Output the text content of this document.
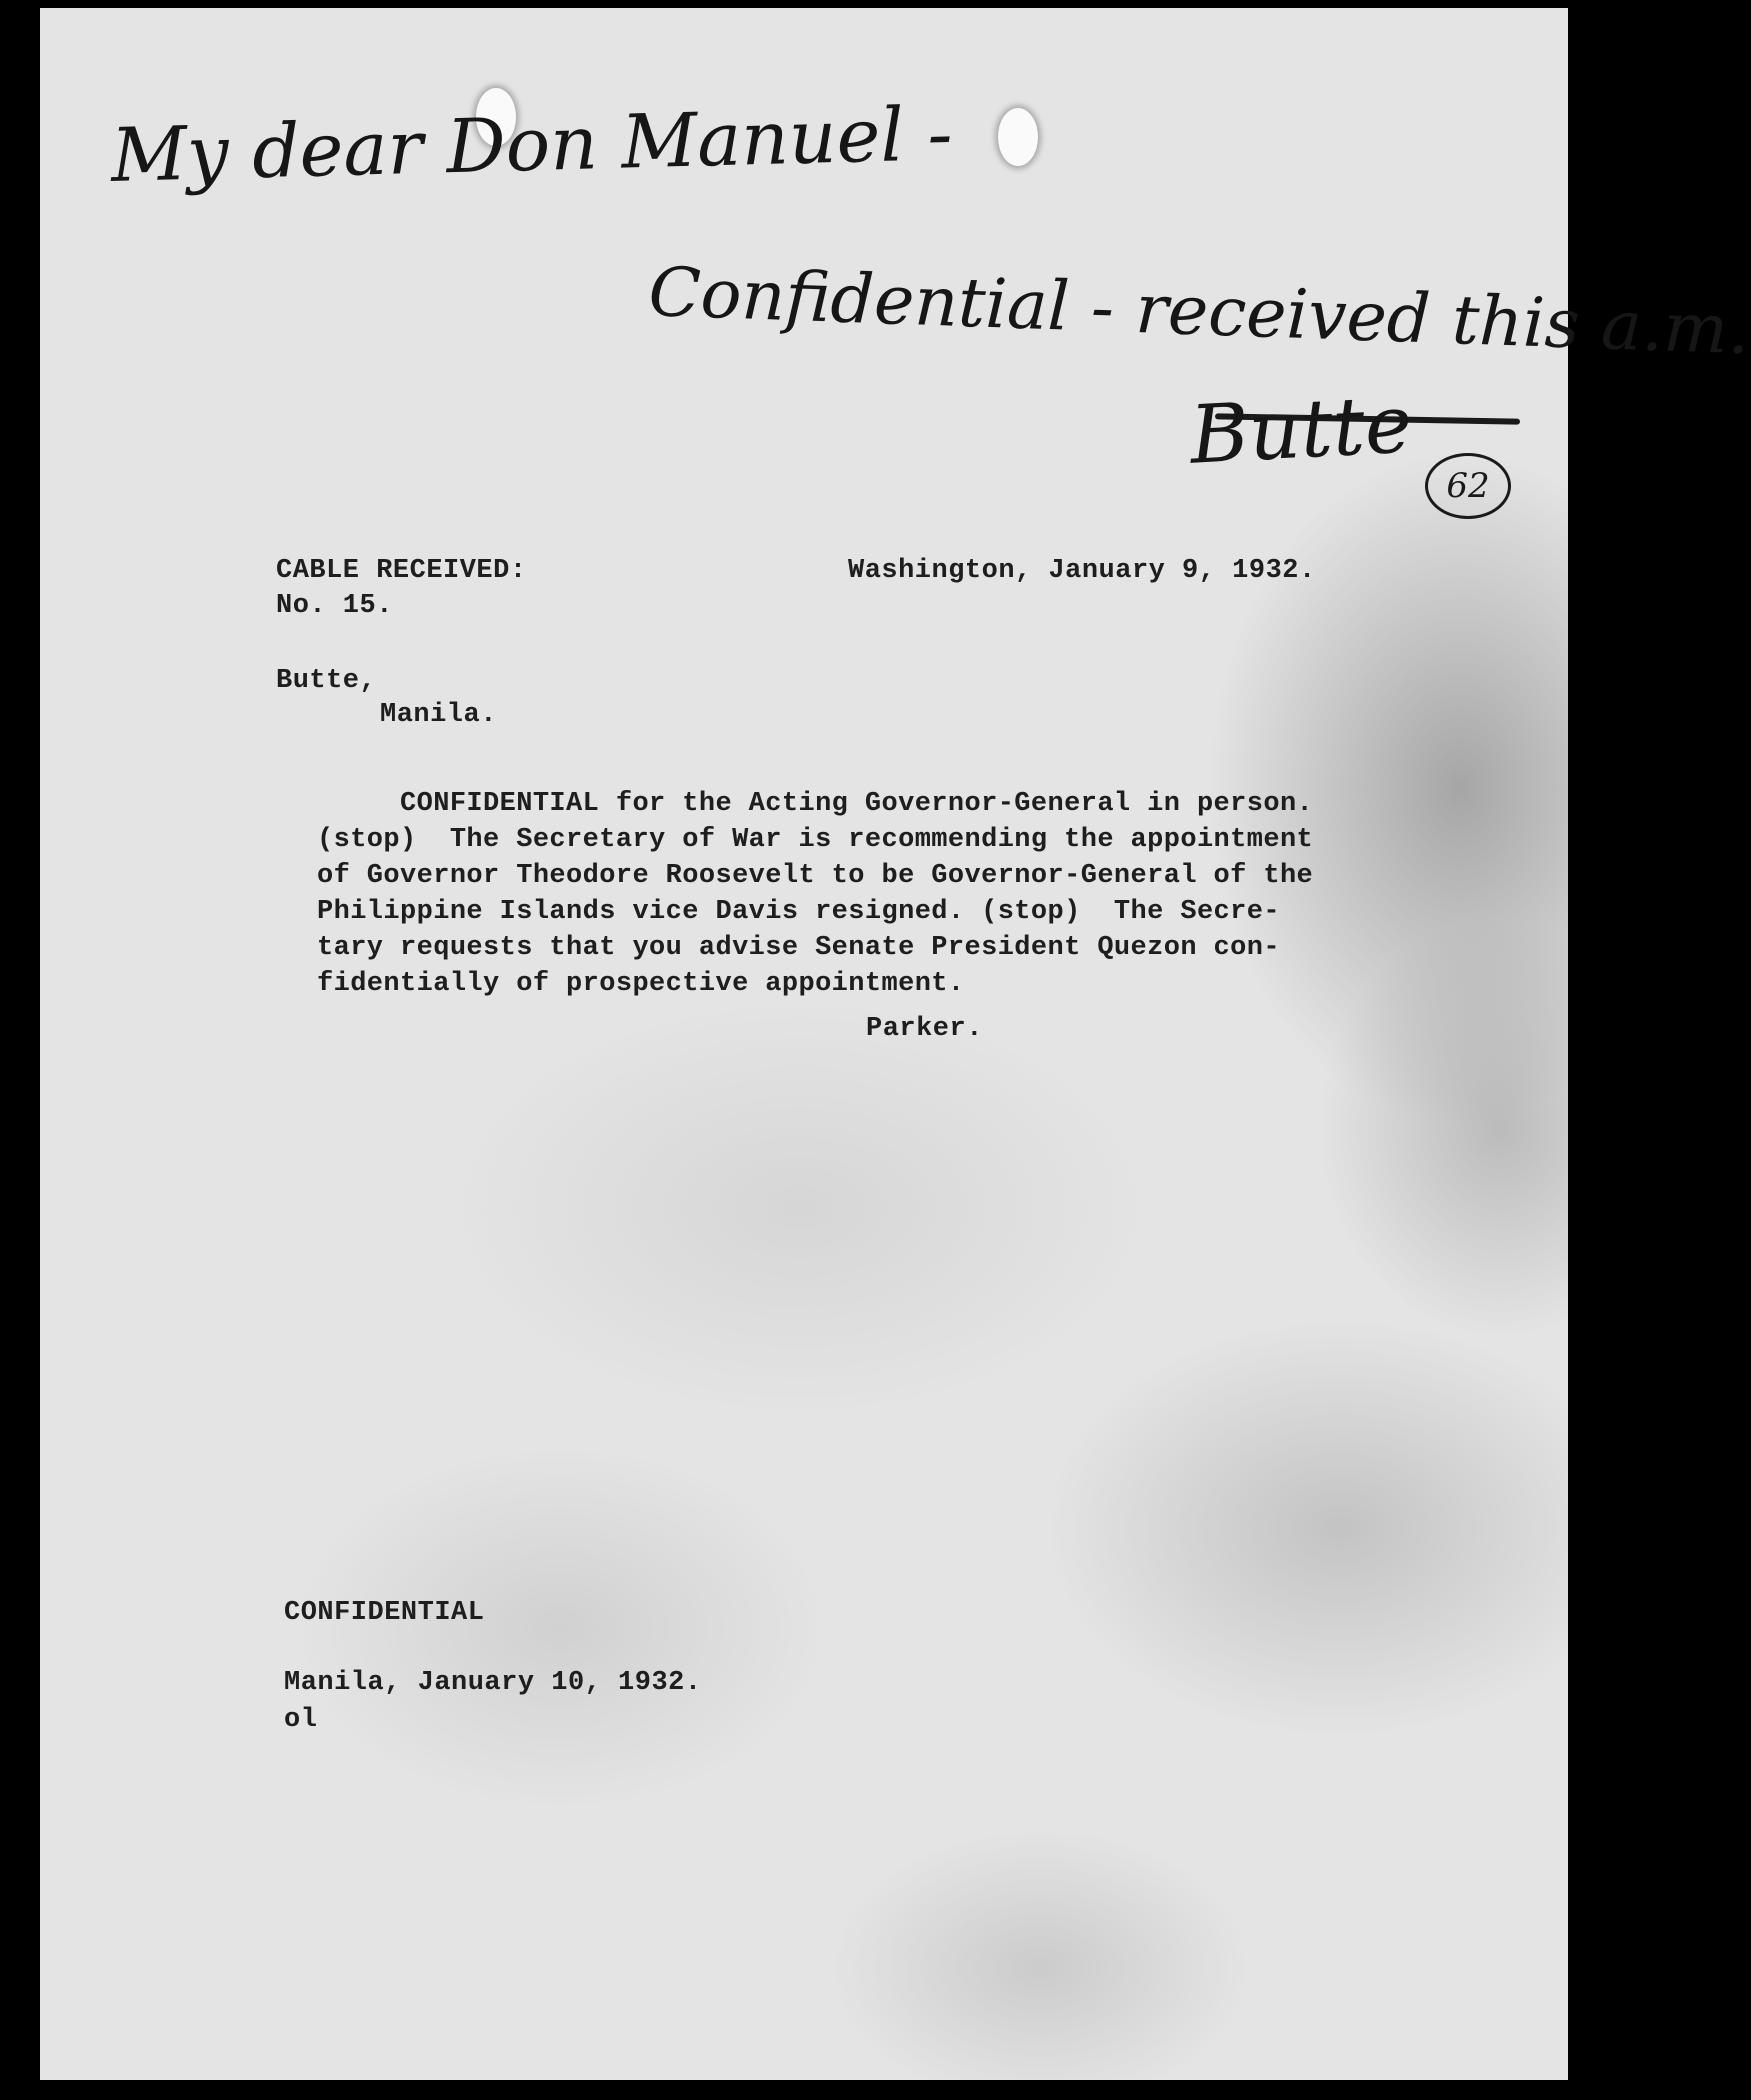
My dear Don Manuel -
Confidential - received this a.m.
Butte
62

CABLE RECEIVED:

No. 15.

Washington, January 9, 1932.

Butte,

Manila.

CONFIDENTIAL for the Acting Governor-General in person.
(stop)  The Secretary of War is recommending the appointment
of Governor Theodore Roosevelt to be Governor-General of the
Philippine Islands vice Davis resigned. (stop)  The Secre-
tary requests that you advise Senate President Quezon con-
fidentially of prospective appointment.

Parker.

CONFIDENTIAL

Manila, January 10, 1932.

ol
